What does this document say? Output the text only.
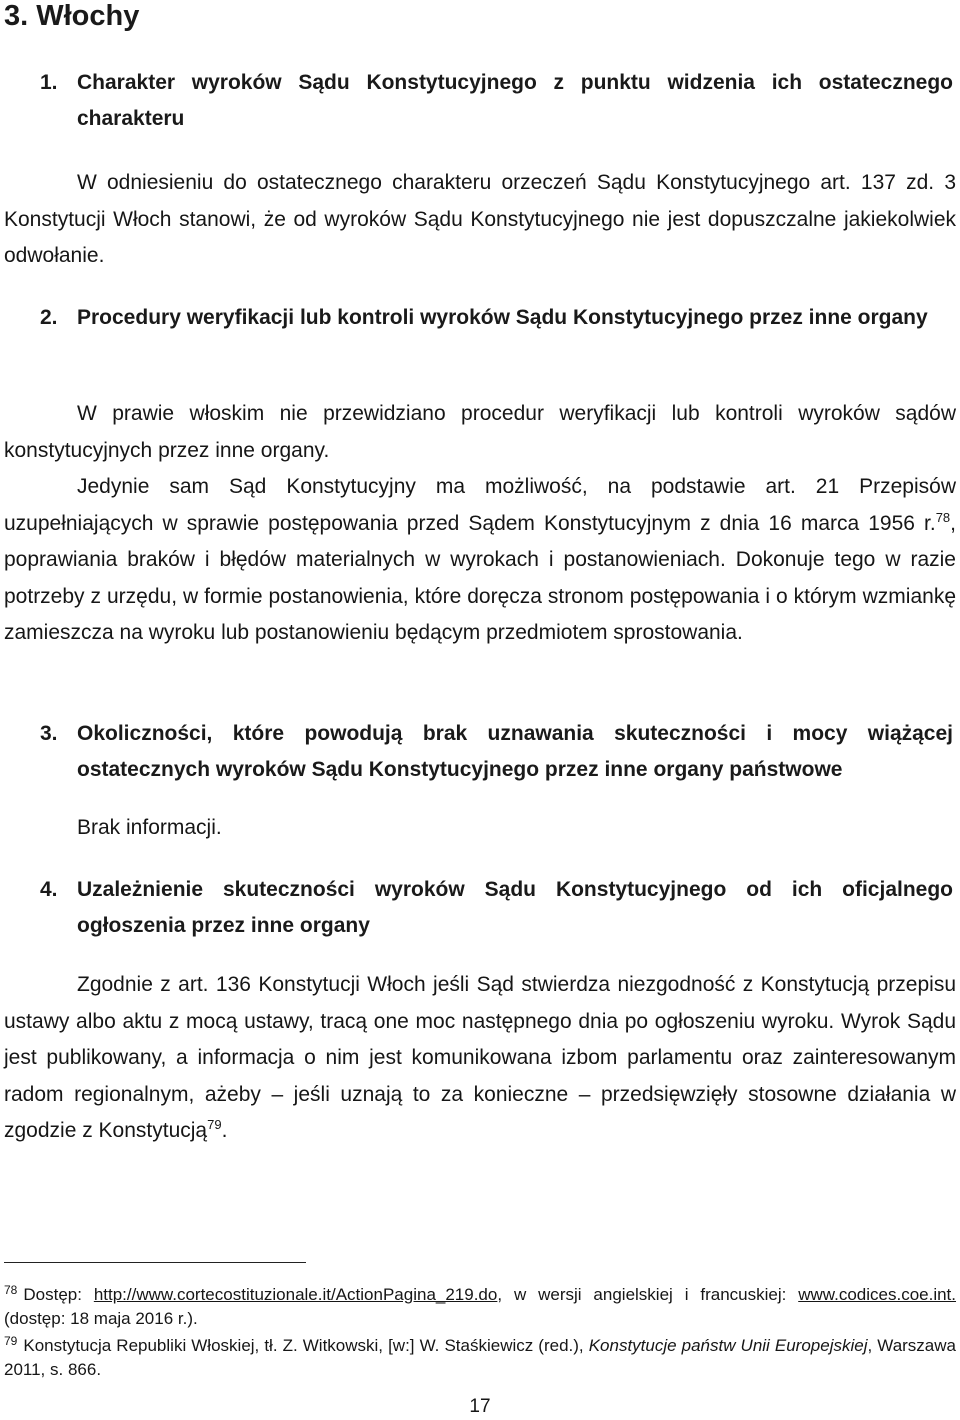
3. Włochy
1. Charakter wyroków Sądu Konstytucyjnego z punktu widzenia ich ostatecznego charakteru

W odniesieniu do ostatecznego charakteru orzeczeń Sądu Konstytucyjnego art. 137 zd. 3 Konstytucji Włoch stanowi, że od wyroków Sądu Konstytucyjnego nie jest dopuszczalne jakiekolwiek odwołanie.

2. Procedury weryfikacji lub kontroli wyroków Sądu Konstytucyjnego przez inne organy

W prawie włoskim nie przewidziano procedur weryfikacji lub kontroli wyroków sądów konstytucyjnych przez inne organy.

Jedynie sam Sąd Konstytucyjny ma możliwość, na podstawie art. 21 Przepisów uzupełniających w sprawie postępowania przed Sądem Konstytucyjnym z dnia 16 marca 1956 r.$^{78}$, poprawiania braków i błędów materialnych w wyrokach i postanowieniach. Dokonuje tego w razie potrzeby z urzędu, w formie postanowienia, które doręcza stronom postępowania i o którym wzmiankę zamieszcza na wyroku lub postanowieniu będącym przedmiotem sprostowania.

3. Okoliczności, które powodują brak uznawania skuteczności i mocy wiążącej ostatecznych wyroków Sądu Konstytucyjnego przez inne organy państwowe

Brak informacji.

4. Uzależnienie skuteczności wyroków Sądu Konstytucyjnego od ich oficjalnego ogłoszenia przez inne organy

Zgodnie z art. 136 Konstytucji Włoch jeśli Sąd stwierdza niezgodność z Konstytucją przepisu ustawy albo aktu z mocą ustawy, tracą one moc następnego dnia po ogłoszeniu wyroku. Wyrok Sądu jest publikowany, a informacja o nim jest komunikowana izbom parlamentu oraz zainteresowanym radom regionalnym, ażeby – jeśli uznają to za konieczne – przedsięwzięły stosowne działania w zgodzie z Konstytucją$^{79}$.

$^{78}$ Dostęp: http://www.cortecostituzionale.it/ActionPagina_219.do, w wersji angielskiej i francuskiej: www.codices.coe.int. (dostęp: 18 maja 2016 r.).

$^{79}$ Konstytucja Republiki Włoskiej, tł. Z. Witkowski, [w:] W. Staśkiewicz (red.), Konstytucje państw Unii Europejskiej, Warszawa 2011, s. 866.

17
